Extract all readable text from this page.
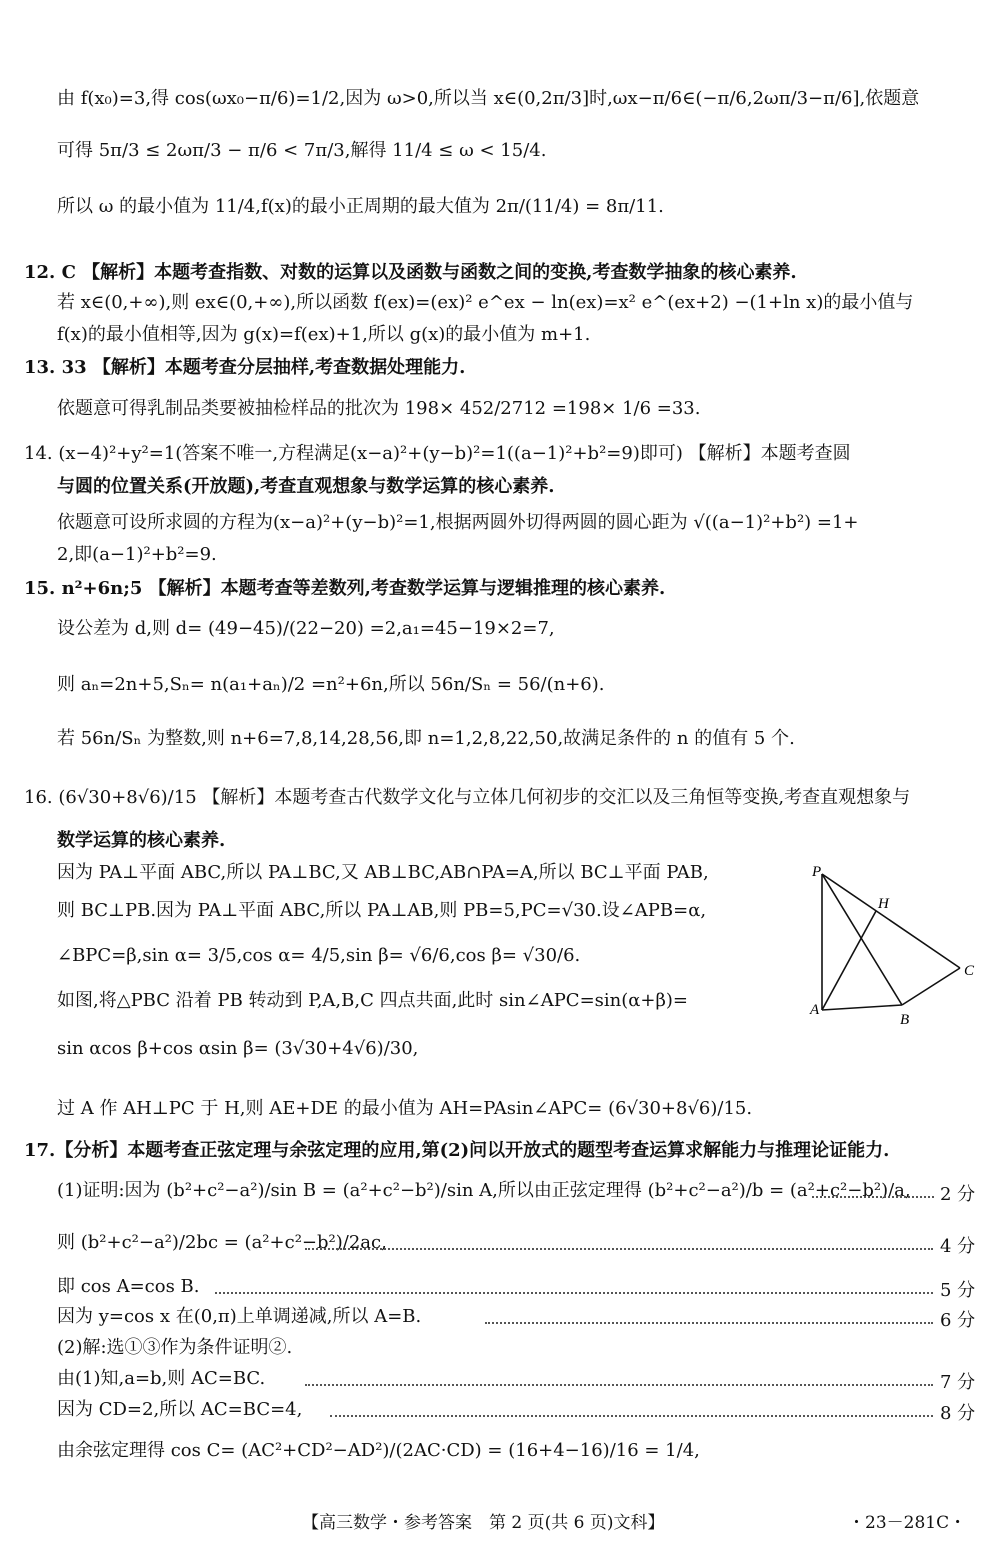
由 f(x₀)=3,得 cos(ωx₀−π/6)=1/2,因为 ω>0,所以当 x∈(0,2π/3]时,ωx−π/6∈(−π/6,2ωπ/3−π/6],依题意
可得 5π/3 ≤ 2ωπ/3 − π/6 < 7π/3,解得 11/4 ≤ ω < 15/4.
所以 ω 的最小值为 11/4,f(x)的最小正周期的最大值为 2π/(11/4) = 8π/11.
12. C 【解析】本题考查指数、对数的运算以及函数与函数之间的变换,考查数学抽象的核心素养.
若 x∈(0,+∞),则 ex∈(0,+∞),所以函数 f(ex)=(ex)² e^ex − ln(ex)=x² e^(ex+2) −(1+ln x)的最小值与
f(x)的最小值相等,因为 g(x)=f(ex)+1,所以 g(x)的最小值为 m+1.
13. 33 【解析】本题考查分层抽样,考查数据处理能力.
依题意可得乳制品类要被抽检样品的批次为 198× 452/2712 =198× 1/6 =33.
14. (x−4)²+y²=1(答案不唯一,方程满足(x−a)²+(y−b)²=1((a−1)²+b²=9)即可) 【解析】本题考查圆
与圆的位置关系(开放题),考查直观想象与数学运算的核心素养.
依题意可设所求圆的方程为(x−a)²+(y−b)²=1,根据两圆外切得两圆的圆心距为 √((a−1)²+b²) =1+
2,即(a−1)²+b²=9.
15. n²+6n;5 【解析】本题考查等差数列,考查数学运算与逻辑推理的核心素养.
设公差为 d,则 d= (49−45)/(22−20) =2,a₁=45−19×2=7,
则 aₙ=2n+5,Sₙ= n(a₁+aₙ)/2 =n²+6n,所以 56n/Sₙ = 56/(n+6).
若 56n/Sₙ 为整数,则 n+6=7,8,14,28,56,即 n=1,2,8,22,50,故满足条件的 n 的值有 5 个.
16. (6√30+8√6)/15 【解析】本题考查古代数学文化与立体几何初步的交汇以及三角恒等变换,考查直观想象与
数学运算的核心素养.
因为 PA⊥平面 ABC,所以 PA⊥BC,又 AB⊥BC,AB∩PA=A,所以 BC⊥平面 PAB,
则 BC⊥PB.因为 PA⊥平面 ABC,所以 PA⊥AB,则 PB=5,PC=√30.设∠APB=α,
∠BPC=β,sin α= 3/5,cos α= 4/5,sin β= √6/6,cos β= √30/6.
如图,将△PBC 沿着 PB 转动到 P,A,B,C 四点共面,此时 sin∠APC=sin(α+β)=
sin αcos β+cos αsin β= (3√30+4√6)/30,
过 A 作 AH⊥PC 于 H,则 AE+DE 的最小值为 AH=PAsin∠APC= (6√30+8√6)/15.
P
H
C
A
B
17.【分析】本题考查正弦定理与余弦定理的应用,第(2)问以开放式的题型考查运算求解能力与推理论证能力.
(1)证明:因为 (b²+c²−a²)/sin B = (a²+c²−b²)/sin A,所以由正弦定理得 (b²+c²−a²)/b = (a²+c²−b²)/a,
则 (b²+c²−a²)/2bc = (a²+c²−b²)/2ac,
即 cos A=cos B.
因为 y=cos x 在(0,π)上单调递减,所以 A=B.
(2)解:选①③作为条件证明②.
由(1)知,a=b,则 AC=BC.
因为 CD=2,所以 AC=BC=4,
由余弦定理得 cos C= (AC²+CD²−AD²)/(2AC·CD) = (16+4−16)/16 = 1/4,
2 分
4 分
5 分
6 分
7 分
8 分
【高三数学・参考答案　第 2 页(共 6 页)文科】	・23－281C・
